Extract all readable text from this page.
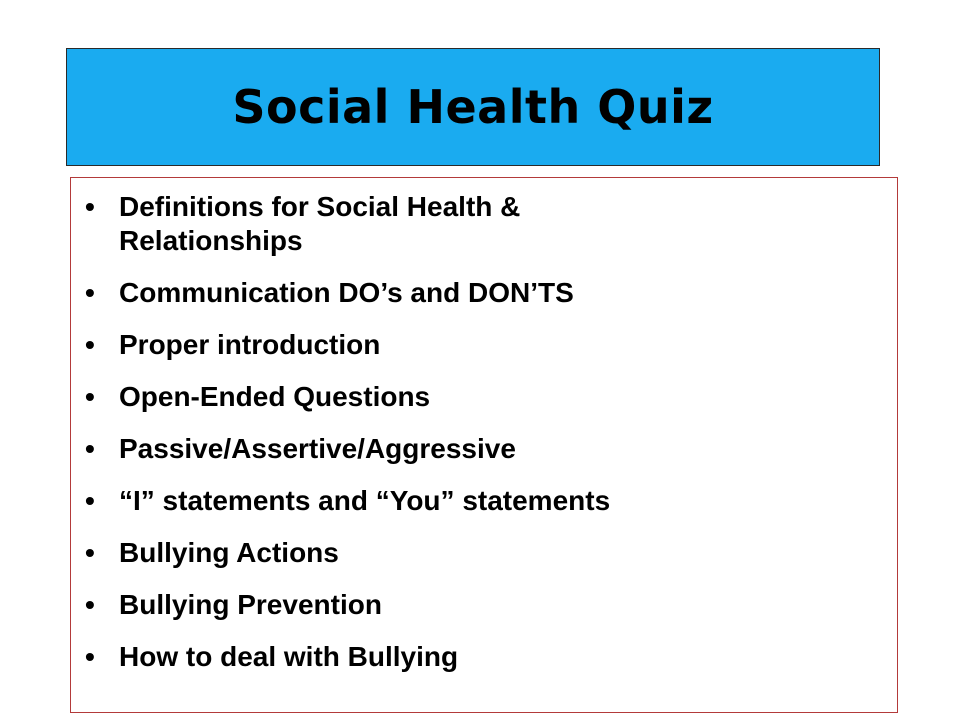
Social Health Quiz
• Definitions for Social Health & Relationships
• Communication DO’s and DON’TS
• Proper introduction
• Open-Ended Questions
• Passive/Assertive/Aggressive
• “I” statements and “You” statements
• Bullying Actions
• Bullying Prevention
• How to deal with Bullying
